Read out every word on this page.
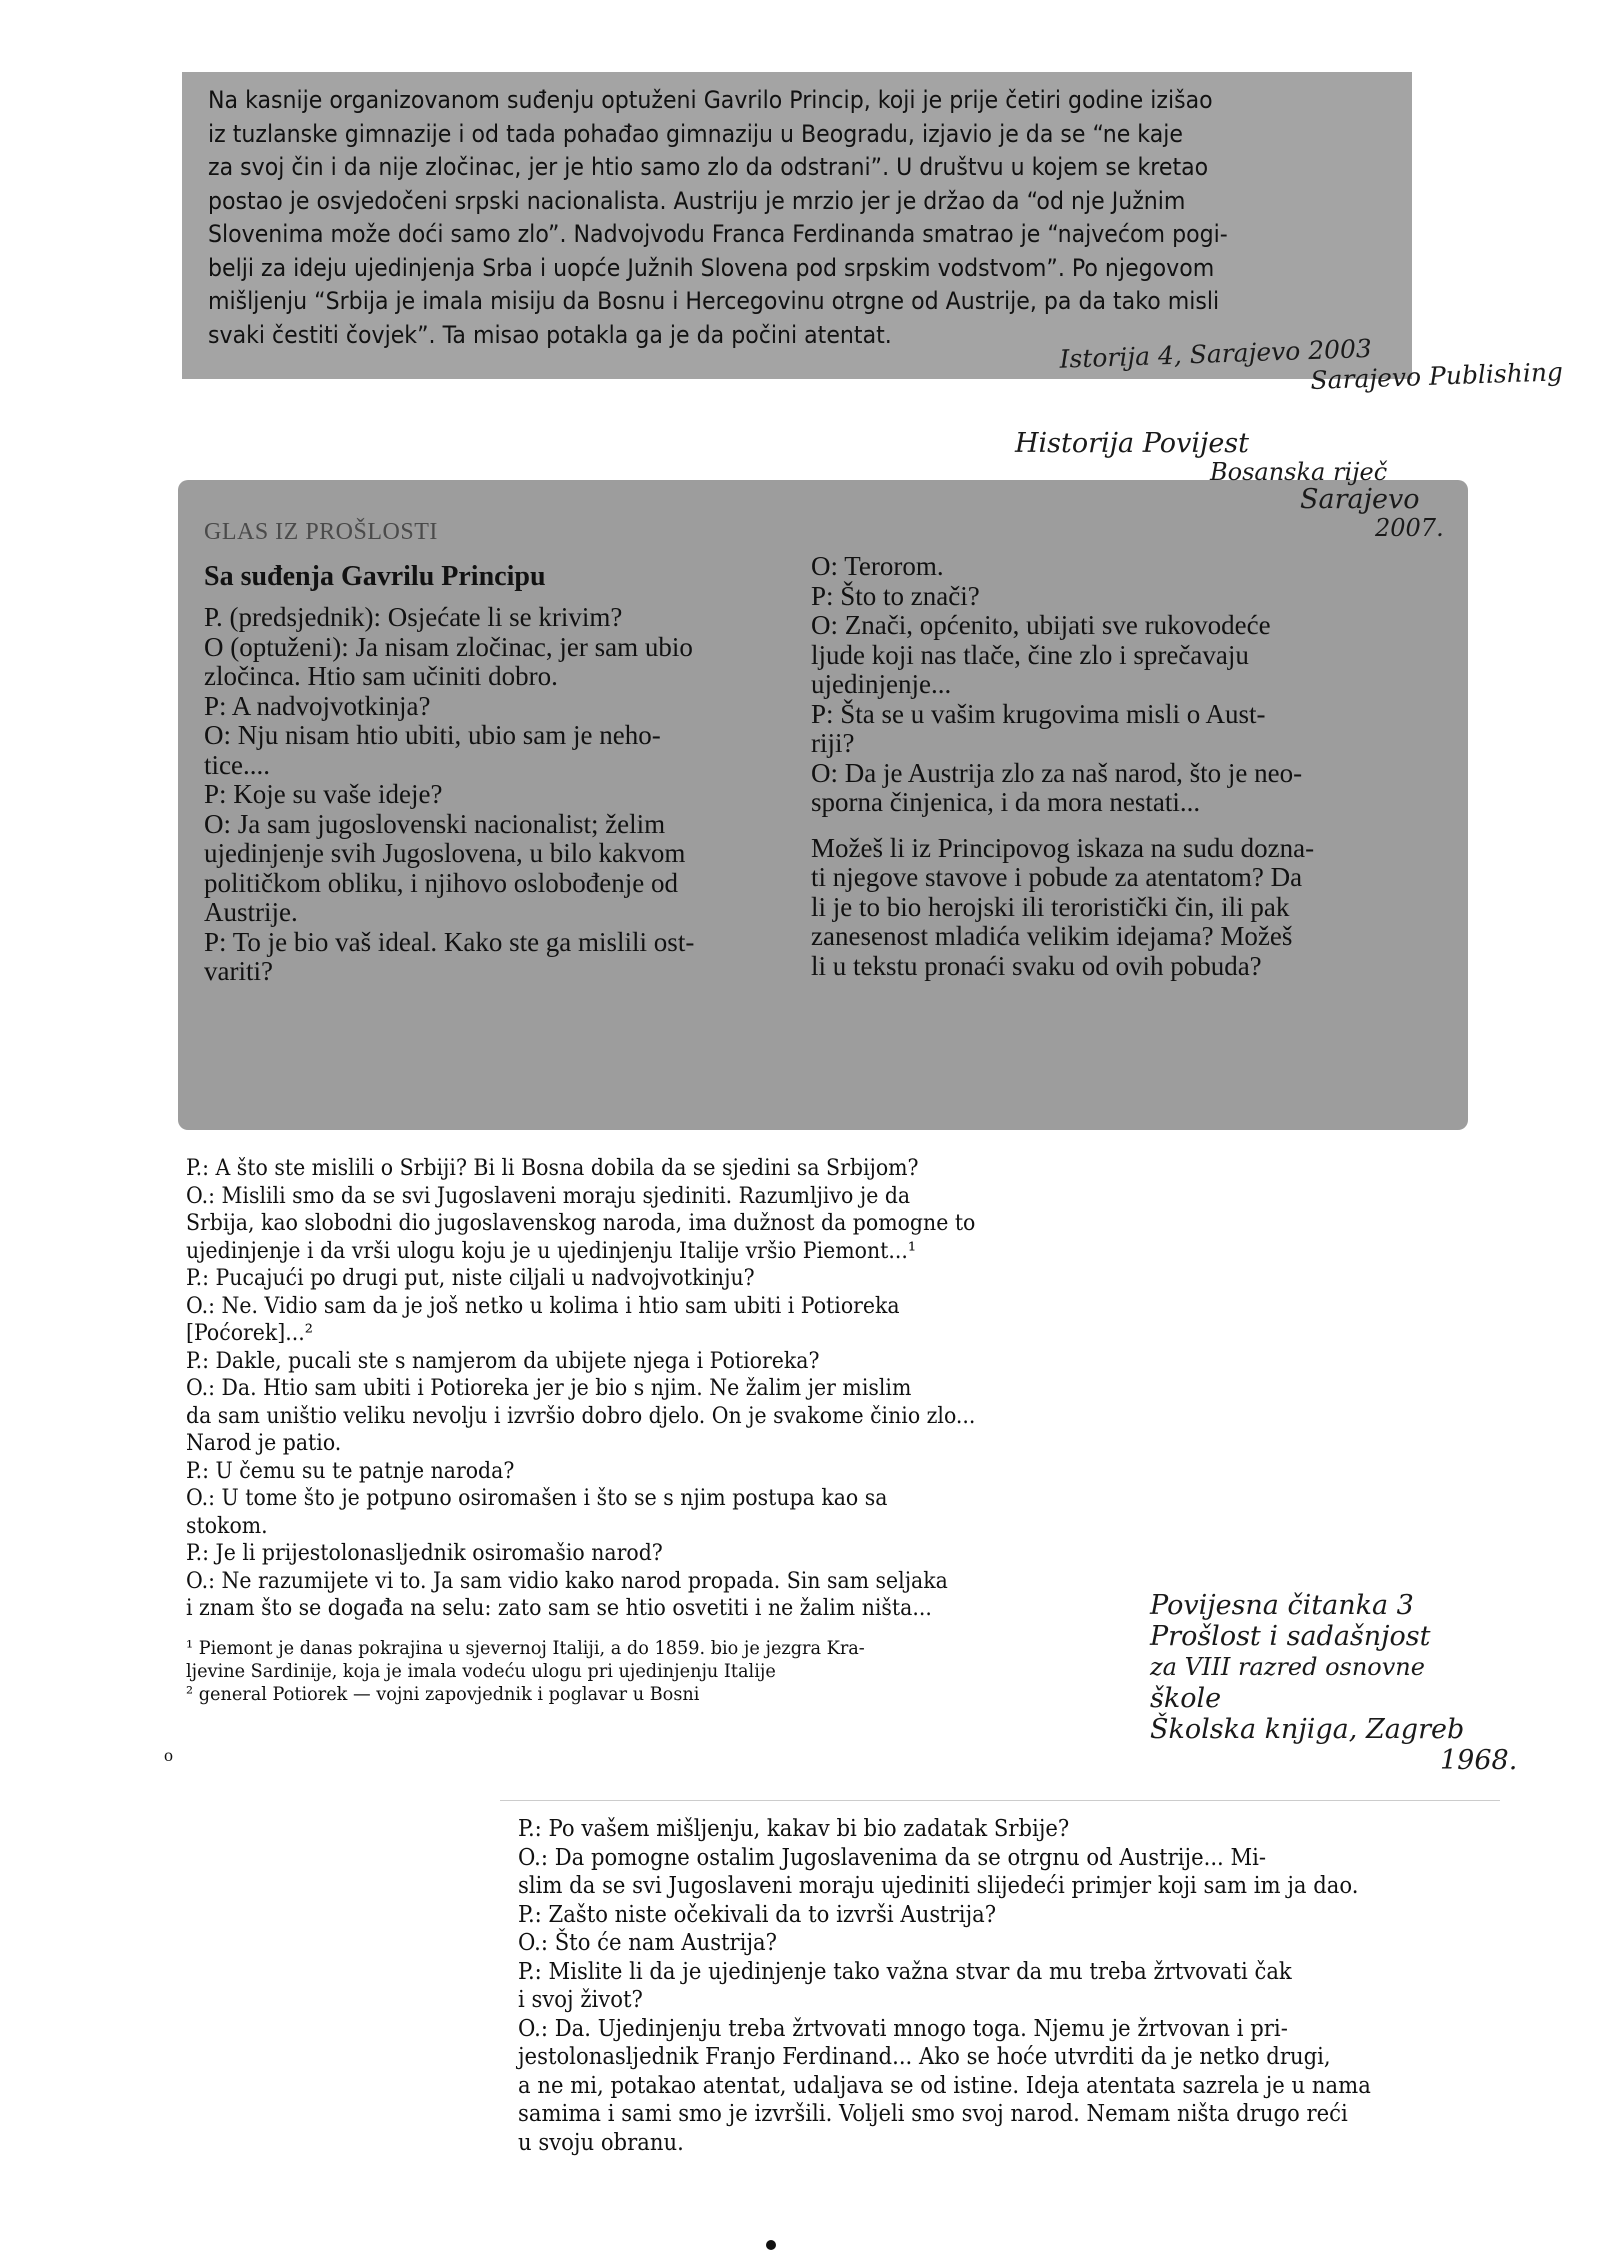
Na kasnije organizovanom suđenju optuženi Gavrilo Princip, koji je prije četiri godine izišao
iz tuzlanske gimnazije i od tada pohađao gimnaziju u Beogradu, izjavio je da se “ne kaje
za svoj čin i da nije zločinac, jer je htio samo zlo da odstrani”. U društvu u kojem se kretao
postao je osvjedočeni srpski nacionalista. Austriju je mrzio jer je držao da “od nje Južnim
Slovenima može doći samo zlo”. Nadvojvodu Franca Ferdinanda smatrao je “najvećom pogi-
belji za ideju ujedinjenja Srba i uopće Južnih Slovena pod srpskim vodstvom”. Po njegovom
mišljenju “Srbija je imala misiju da Bosnu i Hercegovinu otrgne od Austrije, pa da tako misli
svaki čestiti čovjek”. Ta misao potakla ga je da počini atentat.	Istorija 4, Sarajevo 2003
Sarajevo Publishing
GLAS IZ PROŠLOSTI
Sa suđenja Gavrilu Principu
P. (predsjednik): Osjećate li se krivim?
O (optuženi): Ja nisam zločinac, jer sam ubio
zločinca. Htio sam učiniti dobro.
P: A nadvojvotkinja?
O: Nju nisam htio ubiti, ubio sam je neho-
tice....
P: Koje su vaše ideje?
O: Ja sam jugoslovenski nacionalist; želim
ujedinjenje svih Jugoslovena, u bilo kakvom
političkom obliku, i njihovo oslobođenje od
Austrije.
P: To je bio vaš ideal. Kako ste ga mislili ost-
variti?
O: Terorom.
P: Što to znači?
O: Znači, općenito, ubijati sve rukovodeće
ljude koji nas tlače, čine zlo i sprečavaju
ujedinjenje...
P: Šta se u vašim krugovima misli o Aust-
riji?
O: Da je Austrija zlo za naš narod, što je neo-
sporna činjenica, i da mora nestati...
Možeš li iz Principovog iskaza na sudu dozna-
ti njegove stavove i pobude za atentatom? Da
li je to bio herojski ili teroristički čin, ili pak
zanesenost mladića velikim idejama? Možeš
li u tekstu pronaći svaku od ovih pobuda?
Historija Povijest
Bosanska riječ
Sarajevo
2007.
P.: A što ste mislili o Srbiji? Bi li Bosna dobila da se sjedini sa Srbijom?
O.: Mislili smo da se svi Jugoslaveni moraju sjediniti. Razumljivo je da
Srbija, kao slobodni dio jugoslavenskog naroda, ima dužnost da pomogne to
ujedinjenje i da vrši ulogu koju je u ujedinjenju Italije vršio Piemont...¹
P.: Pucajući po drugi put, niste ciljali u nadvojvotkinju?
O.: Ne. Vidio sam da je još netko u kolima i htio sam ubiti i Potioreka
[Poćorek]...²
P.: Dakle, pucali ste s namjerom da ubijete njega i Potioreka?
O.: Da. Htio sam ubiti i Potioreka jer je bio s njim. Ne žalim jer mislim
da sam uništio veliku nevolju i izvršio dobro djelo. On je svakome činio zlo...
Narod je patio.
P.: U čemu su te patnje naroda?
O.: U tome što je potpuno osiromašen i što se s njim postupa kao sa
stokom.
P.: Je li prijestolonasljednik osiromašio narod?
O.: Ne razumijete vi to. Ja sam vidio kako narod propada. Sin sam seljaka
i znam što se događa na selu: zato sam se htio osvetiti i ne žalim ništa...
¹ Piemont je danas pokrajina u sjevernoj Italiji, a do 1859. bio je jezgra Kra-
ljevine Sardinije, koja je imala vodeću ulogu pri ujedinjenju Italije
² general Potiorek — vojni zapovjednik i poglavar u Bosni
o
Povijesna čitanka 3
Prošlost i sadašnjost
za VIII razred osnovne
škole
Školska knjiga, Zagreb
1968.
P.: Po vašem mišljenju, kakav bi bio zadatak Srbije?
O.: Da pomogne ostalim Jugoslavenima da se otrgnu od Austrije... Mi-
slim da se svi Jugoslaveni moraju ujediniti slijedeći primjer koji sam im ja dao.
P.: Zašto niste očekivali da to izvrši Austrija?
O.: Što će nam Austrija?
P.: Mislite li da je ujedinjenje tako važna stvar da mu treba žrtvovati čak
i svoj život?
O.: Da. Ujedinjenju treba žrtvovati mnogo toga. Njemu je žrtvovan i pri-
jestolonasljednik Franjo Ferdinand... Ako se hoće utvrditi da je netko drugi,
a ne mi, potakao atentat, udaljava se od istine. Ideja atentata sazrela je u nama
samima i sami smo je izvršili. Voljeli smo svoj narod. Nemam ništa drugo reći
u svoju obranu.
